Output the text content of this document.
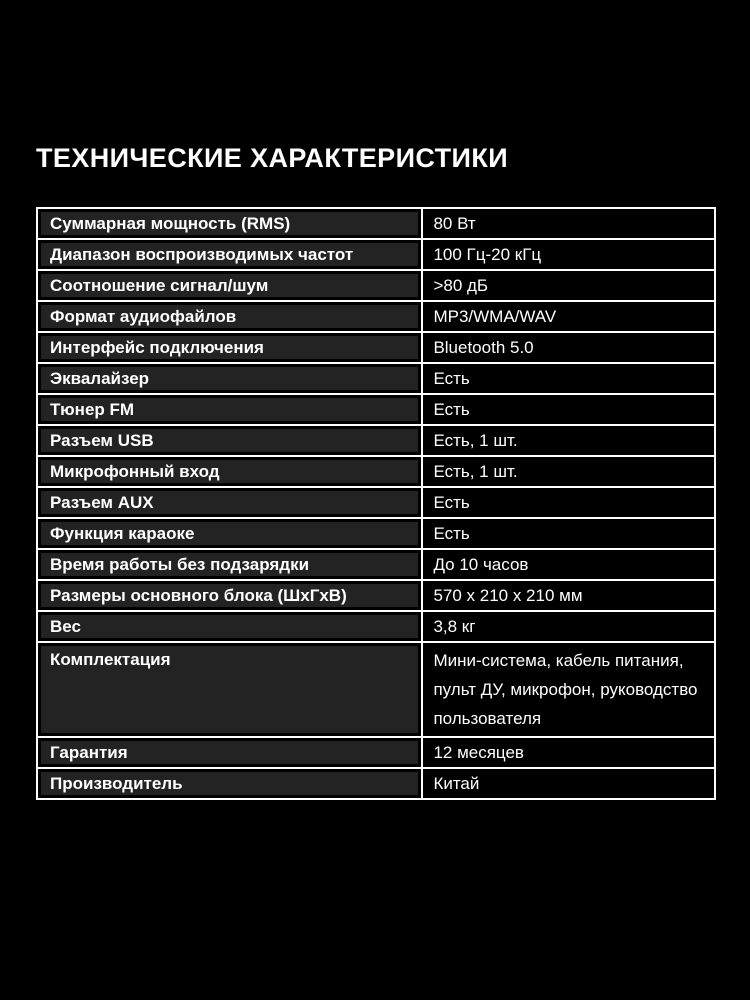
ТЕХНИЧЕСКИЕ ХАРАКТЕРИСТИКИ
Суммарная мощность (RMS)	80 Вт
Диапазон воспроизводимых частот	100 Гц-20 кГц
Соотношение сигнал/шум	>80 дБ
Формат аудиофайлов	MP3/WMA/WAV
Интерфейс подключения	Bluetooth 5.0
Эквалайзер	Есть
Тюнер FM	Есть
Разъем USB	Есть, 1 шт.
Микрофонный вход	Есть, 1 шт.
Разъем AUX	Есть
Функция караоке	Есть
Время работы без подзарядки	До 10 часов
Размеры основного блока (ШхГхВ)	570 х 210 х 210 мм
Вес	3,8 кг
Комплектация	Мини-система, кабель питания, пульт ДУ, микрофон, руководство пользователя
Гарантия	12 месяцев
Производитель	Китай
